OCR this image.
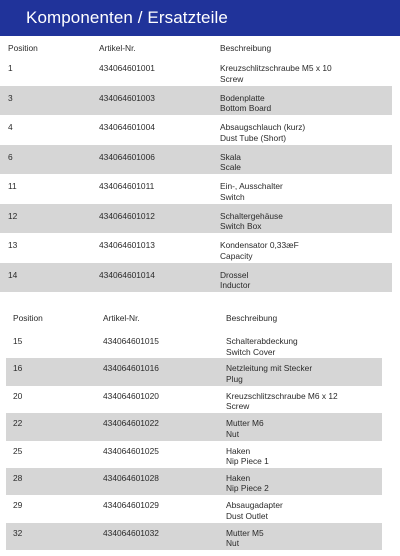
Komponenten / Ersatzteile
Position	Artikel-Nr.	Beschreibung
1	434064601001	Kreuzschlitzschraube M5 x 10
Screw
3	434064601003	Bodenplatte
Bottom Board
4	434064601004	Absaugschlauch (kurz)
Dust Tube (Short)
6	434064601006	Skala
Scale
11	434064601011	Ein-, Ausschalter
Switch
12	434064601012	Schaltergehäuse
Switch Box
13	434064601013	Kondensator 0,33æF
Capacity
14	434064601014	Drossel
Inductor
Position	Artikel-Nr.	Beschreibung
15	434064601015	Schalterabdeckung
Switch Cover
16	434064601016	Netzleitung mit Stecker
Plug
20	434064601020	Kreuzschlitzschraube M6 x 12
Screw
22	434064601022	Mutter M6
Nut
25	434064601025	Haken
Nip Piece 1
28	434064601028	Haken
Nip Piece 2
29	434064601029	Absaugadapter
Dust Outlet
32	434064601032	Mutter M5
Nut
